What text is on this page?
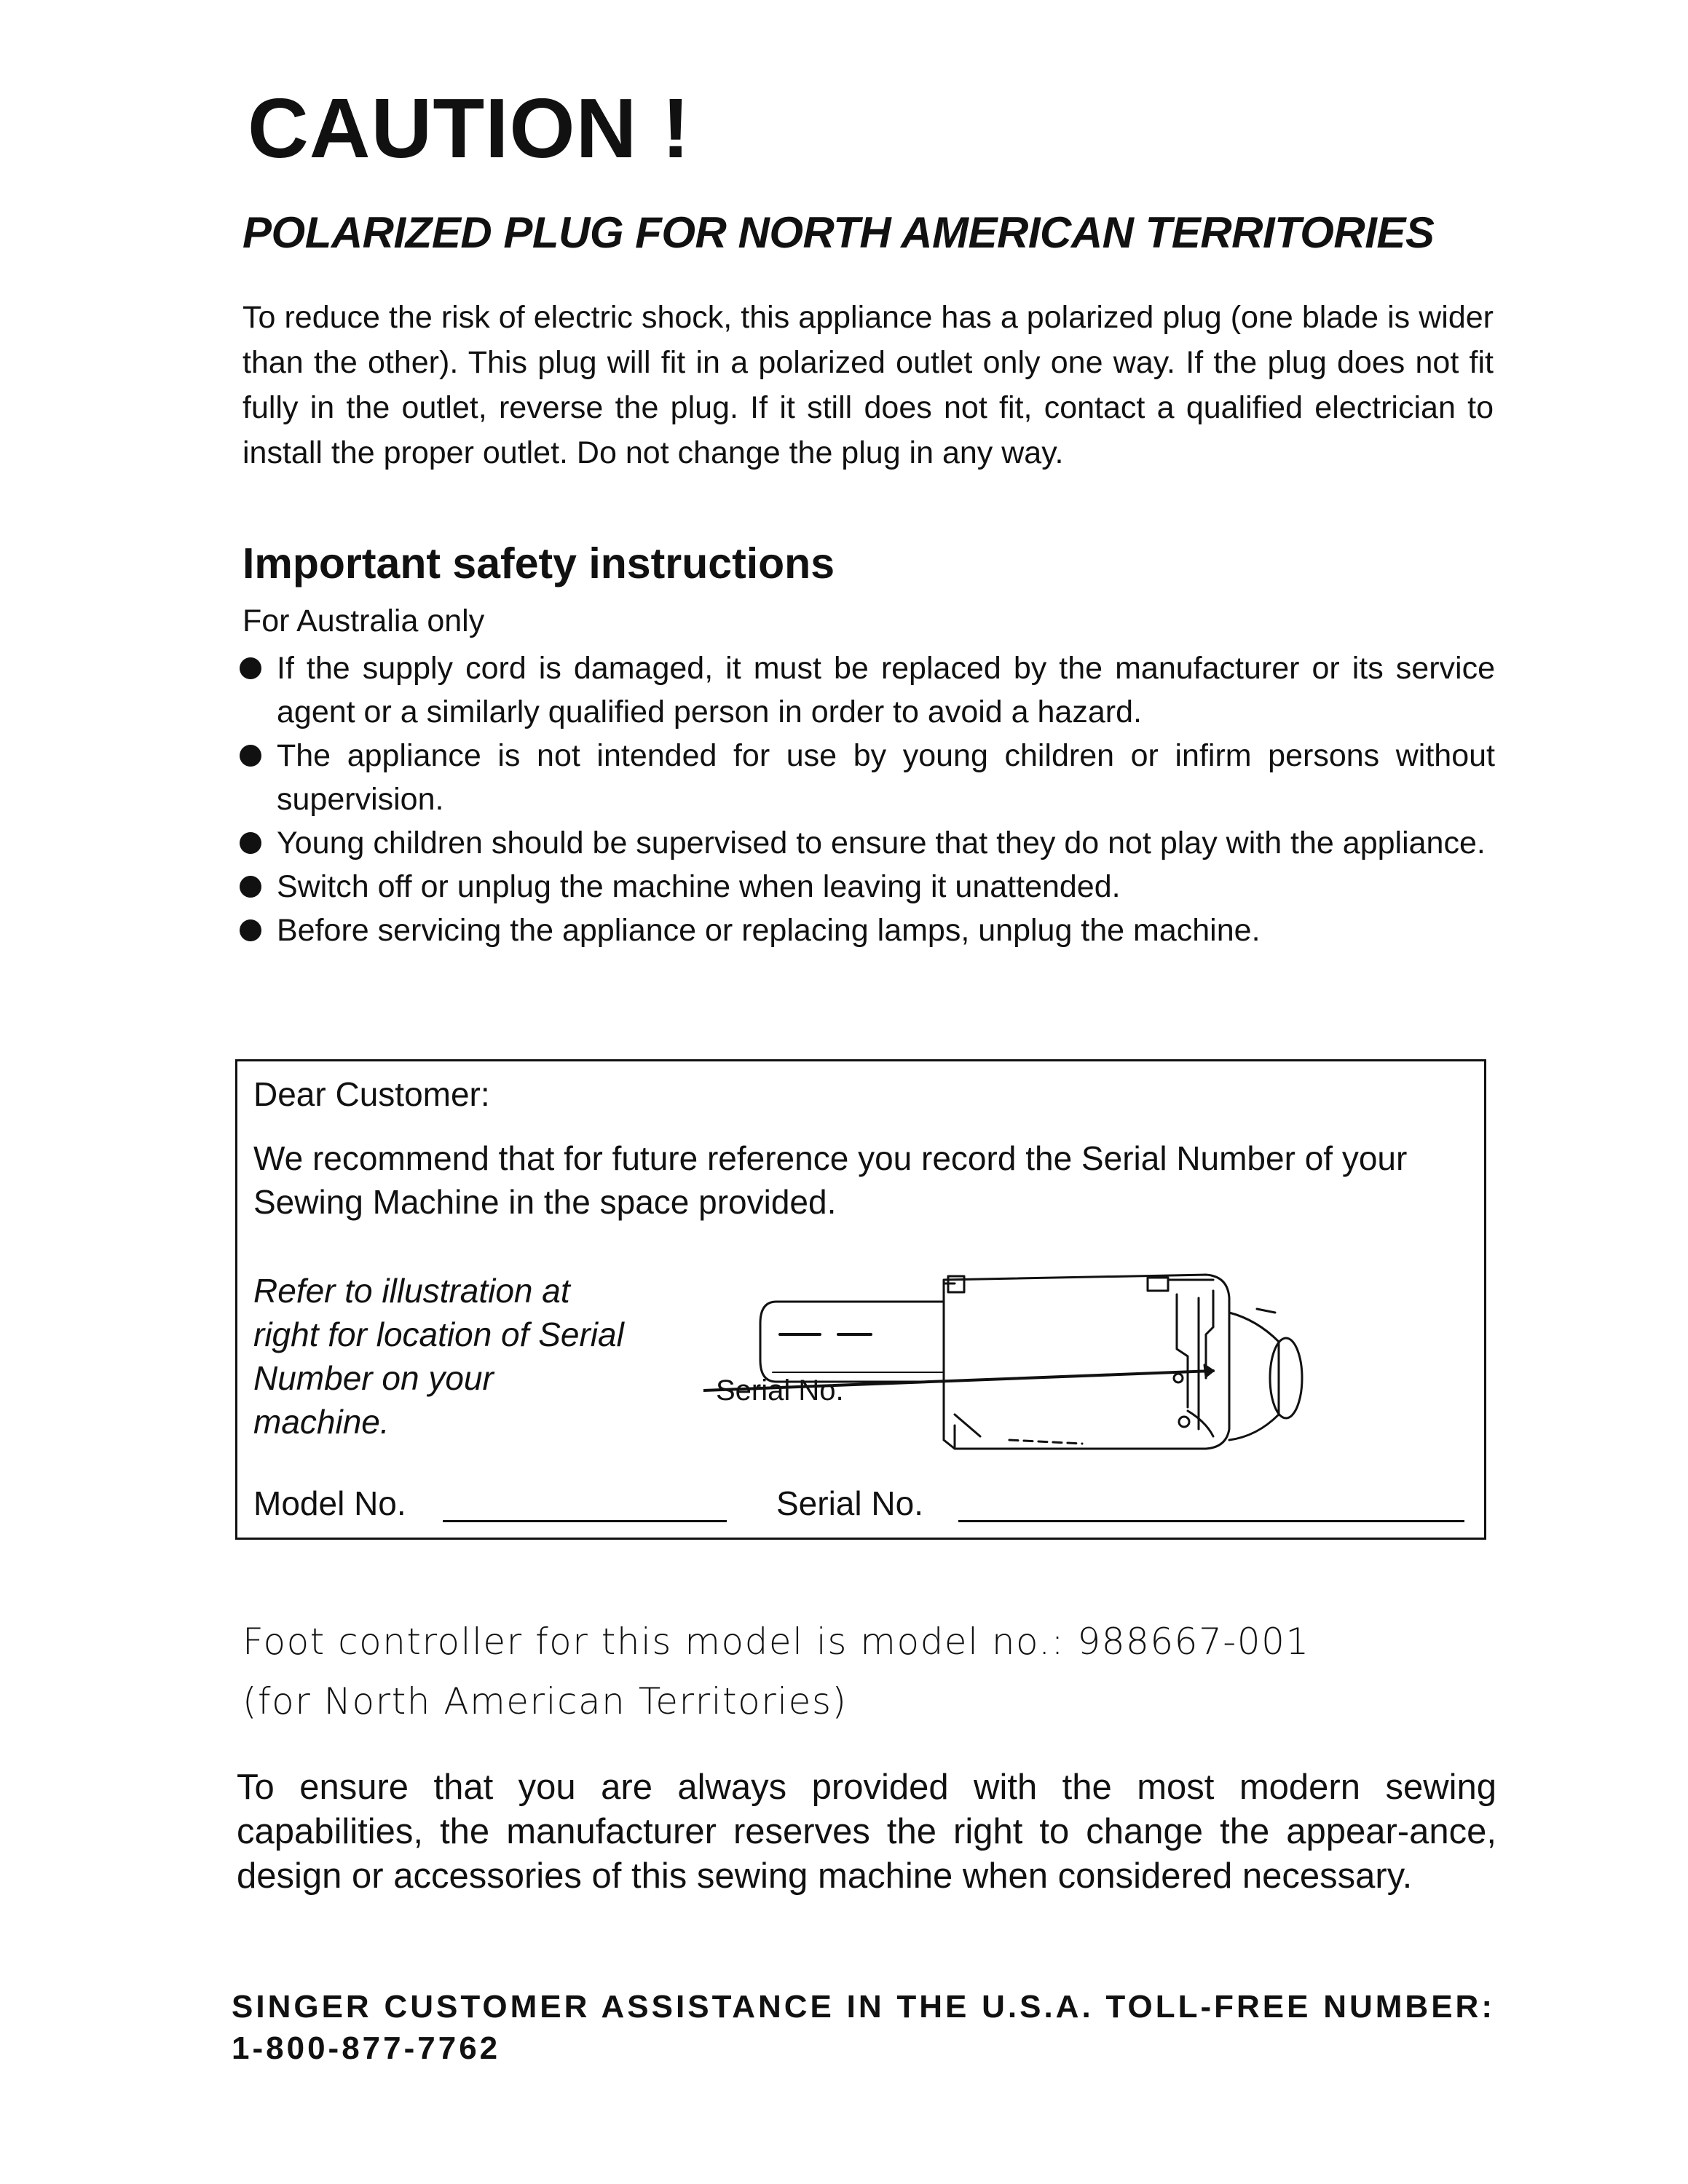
CAUTION !
POLARIZED PLUG FOR NORTH AMERICAN TERRITORIES

To reduce the risk of electric shock, this appliance has a polarized plug (one blade is wider than the other). This plug will fit in a polarized outlet only one way. If the plug does not fit fully in the outlet, reverse the plug. If it still does not fit, contact a qualified electrician to install the proper outlet. Do not change the plug in any way.

Important safety instructions

For Australia only

If the supply cord is damaged, it must be replaced by the manufacturer or its service agent or a similarly qualified person in order to avoid a hazard.
The appliance is not intended for use by young children or infirm persons without supervision.
Young children should be supervised to ensure that they do not play with the appliance.
Switch off or unplug the machine when leaving it unattended.
Before servicing the appliance or replacing lamps, unplug the machine.

Dear Customer:

We recommend that for future reference you record the Serial Number of your Sewing Machine in the space provided.

Refer to illustration at right for location of Serial Number on your machine.

Serial No.

Model No.	Serial No.

Foot controller for this model is model no.: 988667-001

(for North American Territories)

To ensure that you are always provided with the most modern sewing capabilities, the manufacturer reserves the right to change the appear-ance, design or accessories of this sewing machine when considered necessary.

SINGER CUSTOMER ASSISTANCE IN THE U.S.A. TOLL-FREE NUMBER: 1-800-877-7762
